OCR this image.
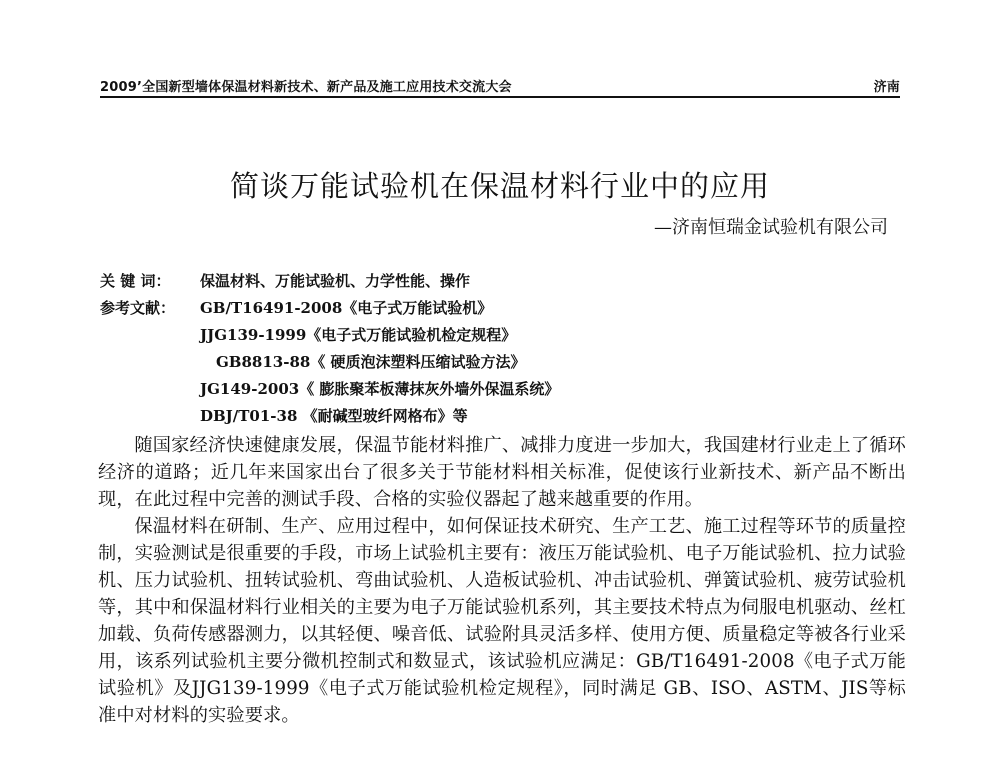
2009’全国新型墙体保温材料新技术、新产品及施工应用技术交流大会	济南
简谈万能试验机在保温材料行业中的应用
—济南恒瑞金试验机有限公司
关 键 词：	保温材料、万能试验机、力学性能、操作
参考文献：	GB/T16491-2008《电子式万能试验机》
JJG139-1999《电子式万能试验机检定规程》
GB8813-88《 硬质泡沫塑料压缩试验方法》
JG149-2003《 膨胀聚苯板薄抹灰外墙外保温系统》
DBJ/T01-38 《耐碱型玻纤网格布》等

随国家经济快速健康发展，保温节能材料推广、减排力度进一步加大，我国建材行业走上了循环经济的道路；近几年来国家出台了很多关于节能材料相关标准，促使该行业新技术、新产品不断出现，在此过程中完善的测试手段、合格的实验仪器起了越来越重要的作用。

保温材料在研制、生产、应用过程中，如何保证技术研究、生产工艺、施工过程等环节的质量控制，实验测试是很重要的手段，市场上试验机主要有：液压万能试验机、电子万能试验机、拉力试验机、压力试验机、扭转试验机、弯曲试验机、人造板试验机、冲击试验机、弹簧试验机、疲劳试验机等，其中和保温材料行业相关的主要为电子万能试验机系列，其主要技术特点为伺服电机驱动、丝杠加载、负荷传感器测力，以其轻便、噪音低、试验附具灵活多样、使用方便、质量稳定等被各行业采用，该系列试验机主要分微机控制式和数显式，该试验机应满足：GB/T16491-2008《电子式万能试验机》及JJG139-1999《电子式万能试验机检定规程》，同时满足 GB、ISO、ASTM、JIS等标准中对材料的实验要求。
